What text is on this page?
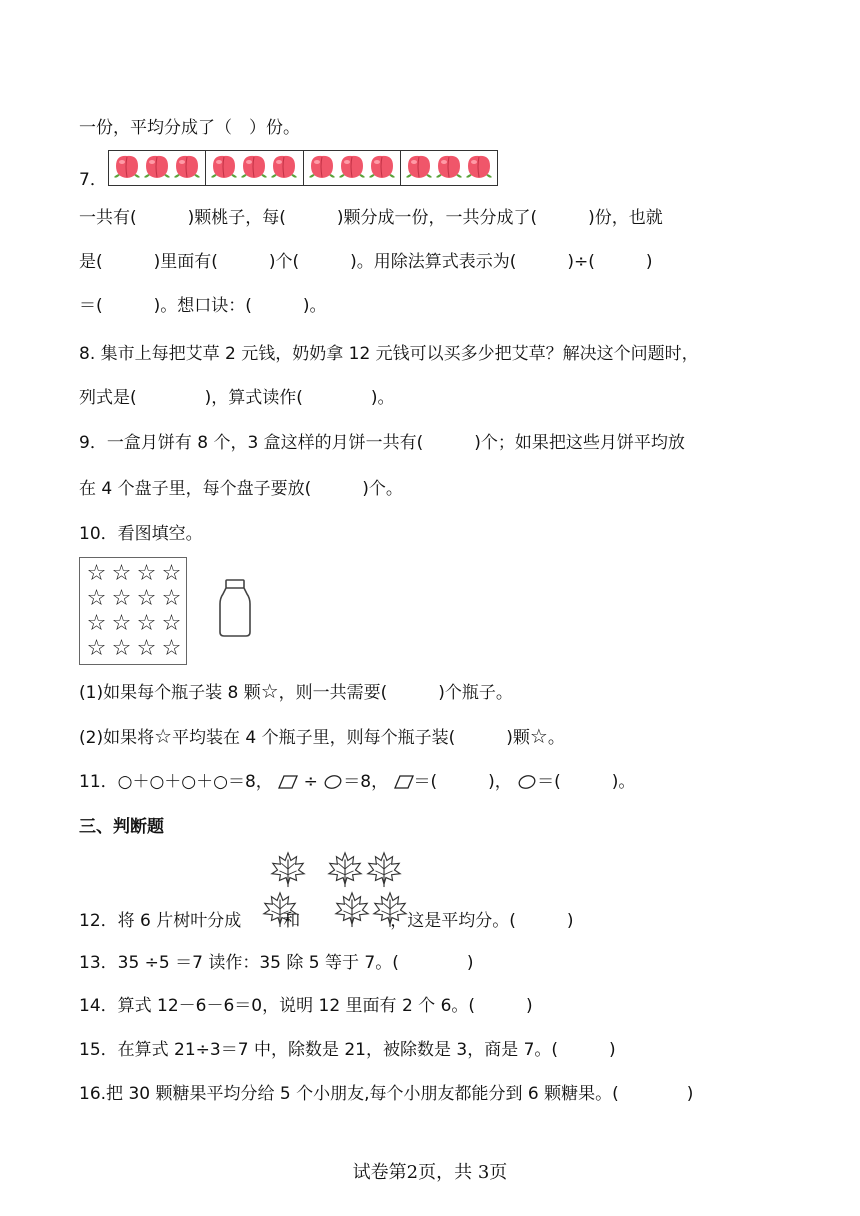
一份，平均分成了（　）份。
7．
一共有(　　　)颗桃子，每(　　　)颗分成一份，一共分成了(　　　)份，也就
是(　　　)里面有(　　　)个(　　　)。用除法算式表示为(　　　)÷(　　　)
＝(　　　)。想口诀：(　　　)。
8. 集市上每把艾草 2 元钱，奶奶拿 12 元钱可以买多少把艾草？解决这个问题时，
列式是(　　　　)，算式读作(　　　　)。
9．一盒月饼有 8 个，3 盒这样的月饼一共有(　　　)个；如果把这些月饼平均放
在 4 个盘子里，每个盘子要放(　　　)个。
10．看图填空。
☆ ☆ ☆ ☆
☆ ☆ ☆ ☆
☆ ☆ ☆ ☆
☆ ☆ ☆ ☆
(1)如果每个瓶子装 8 颗☆，则一共需要(　　　)个瓶子。
(2)如果将☆平均装在 4 个瓶子里，则每个瓶子装(　　　)颗☆。
11．○＋○＋○＋○＝8， ÷ ＝8， ＝(　　　)， ＝(　　　)。
三、判断题
12．将 6 片树叶分成 和	，这是平均分。(　　　)
13．35 ÷5 ＝7 读作：35 除 5 等于 7。(　　　　)
14．算式 12－6－6＝0，说明 12 里面有 2 个 6。(　　　)
15．在算式 21÷3＝7 中，除数是 21，被除数是 3，商是 7。(　　　)
16.把 30 颗糖果平均分给 5 个小朋友,每个小朋友都能分到 6 颗糖果。(　　　　)
试卷第2页，共 3页
